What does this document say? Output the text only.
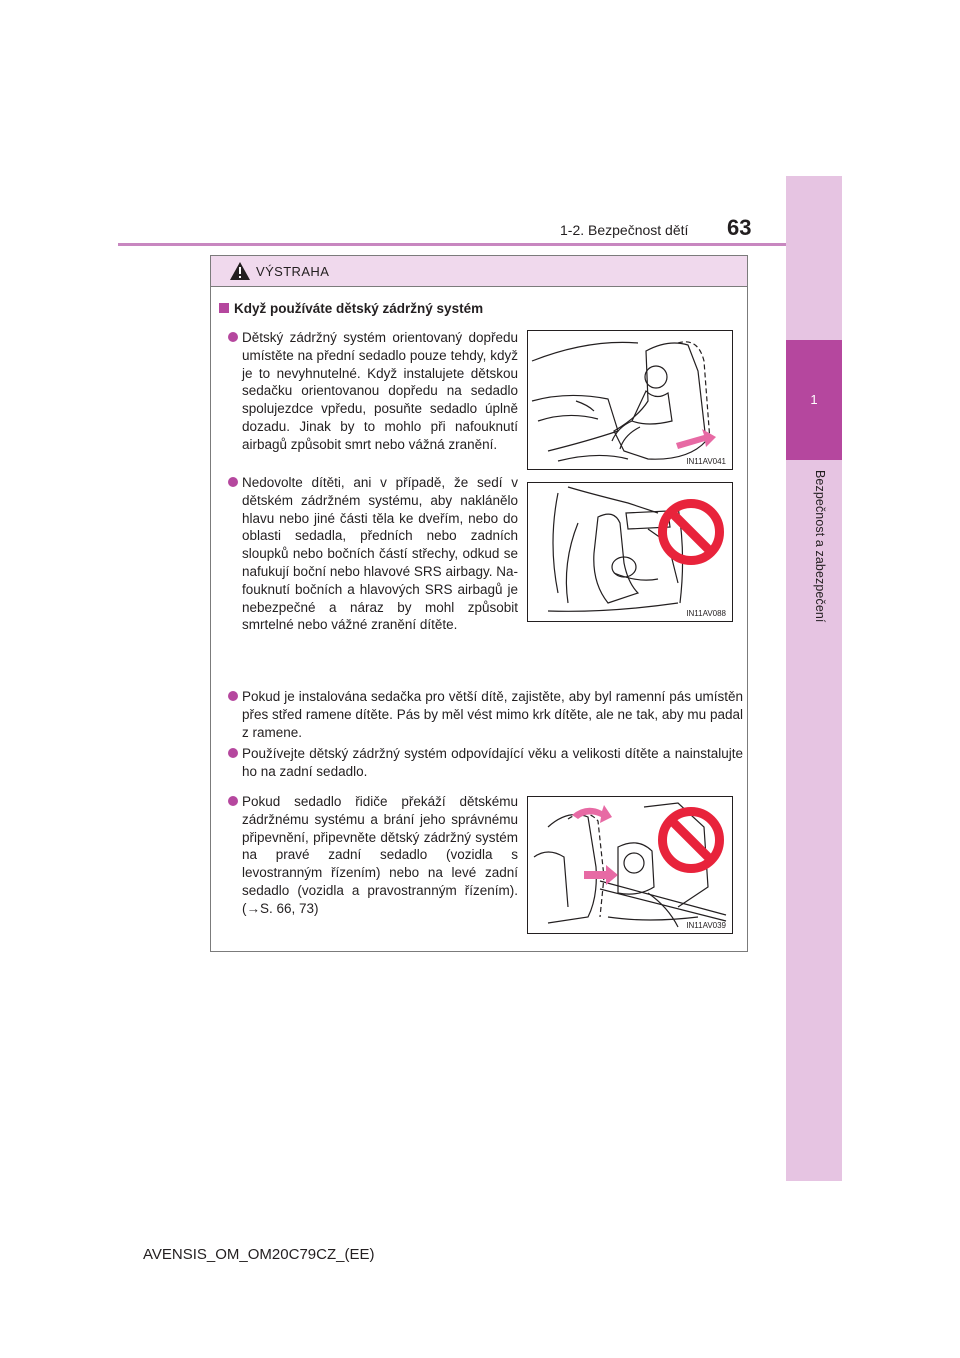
1
Bezpečnost a zabezpečení
1-2. Bezpečnost dětí 63
VÝSTRAHA
Když používáte dětský zádržný systém
Dětský zádržný systém orientovaný dopředu umístěte na přední sedadlo pouze tehdy, když je to nevyhnutelné. Když instalujete dětskou sedačku orientovanou dopředu na sedadlo spolujezdce vpředu, posuňte sedadlo úplně dozadu. Jinak by to mohlo při nafouknutí airbagů způsobit smrt nebo vážná zranění.
IN11AV041
Nedovolte dítěti, ani v případě, že sedí v dětském zádržném systému, aby naklánělo hlavu nebo jiné části těla ke dveřím, nebo do oblasti sedadla, předních nebo zadních sloupků nebo bočních částí střechy, odkud se nafukují boční nebo hlavové SRS airbagy. Nafouknutí bočních a hlavových SRS airbagů je nebezpečné a náraz by mohl způsobit smrtelné nebo vážné zranění dítěte.
IN11AV088
Pokud je instalována sedačka pro větší dítě, zajistěte, aby byl ramenní pás umístěn přes střed ramene dítěte. Pás by měl vést mimo krk dítěte, ale ne tak, aby mu padal z ramene.
Používejte dětský zádržný systém odpovídající věku a velikosti dítěte a nainstalujte ho na zadní sedadlo.
Pokud sedadlo řidiče překáží dětskému zádržnému systému a brání jeho správnému připevnění, připevněte dětský zádržný systém na pravé zadní sedadlo (vozidla s levostranným řízením) nebo na levé zadní sedadlo (vozidla a pravostranným řízením). (→S. 66, 73)
IN11AV039
AVENSIS_OM_OM20C79CZ_(EE)
